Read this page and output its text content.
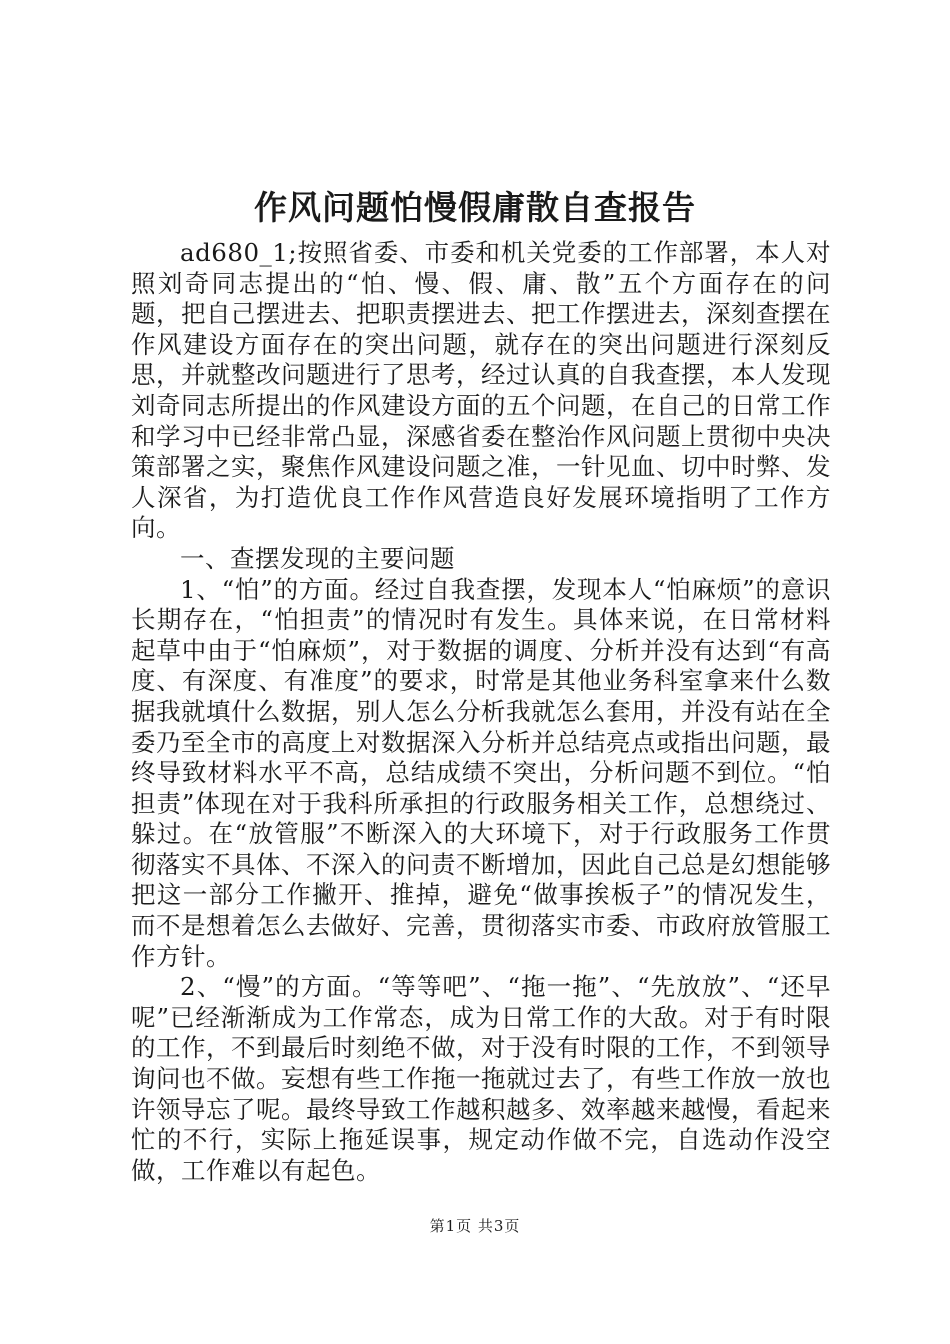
作风问题怕慢假庸散自查报告

ad680_1;按照省委、市委和机关党委的工作部署，本人对照刘奇同志提出的“怕、慢、假、庸、散”五个方面存在的问题，把自己摆进去、把职责摆进去、把工作摆进去，深刻查摆在作风建设方面存在的突出问题，就存在的突出问题进行深刻反思，并就整改问题进行了思考，经过认真的自我查摆，本人发现刘奇同志所提出的作风建设方面的五个问题，在自己的日常工作和学习中已经非常凸显，深感省委在整治作风问题上贯彻中央决策部署之实，聚焦作风建设问题之准，一针见血、切中时弊、发人深省，为打造优良工作作风营造良好发展环境指明了工作方向。

一、查摆发现的主要问题

1、“怕”的方面。经过自我查摆，发现本人“怕麻烦”的意识长期存在，“怕担责”的情况时有发生。具体来说，在日常材料起草中由于“怕麻烦”，对于数据的调度、分析并没有达到“有高度、有深度、有准度”的要求，时常是其他业务科室拿来什么数据我就填什么数据，别人怎么分析我就怎么套用，并没有站在全委乃至全市的高度上对数据深入分析并总结亮点或指出问题，最终导致材料水平不高，总结成绩不突出，分析问题不到位。“怕担责”体现在对于我科所承担的行政服务相关工作，总想绕过、躲过。在“放管服”不断深入的大环境下，对于行政服务工作贯彻落实不具体、不深入的问责不断增加，因此自己总是幻想能够把这一部分工作撇开、推掉，避免“做事挨板子”的情况发生，而不是想着怎么去做好、完善，贯彻落实市委、市政府放管服工作方针。

2、“慢”的方面。“等等吧”、“拖一拖”、“先放放”、“还早呢”已经渐渐成为工作常态，成为日常工作的大敌。对于有时限的工作，不到最后时刻绝不做，对于没有时限的工作，不到领导询问也不做。妄想有些工作拖一拖就过去了，有些工作放一放也许领导忘了呢。最终导致工作越积越多、效率越来越慢，看起来忙的不行，实际上拖延误事，规定动作做不完，自选动作没空做，工作难以有起色。

第1页 共3页
